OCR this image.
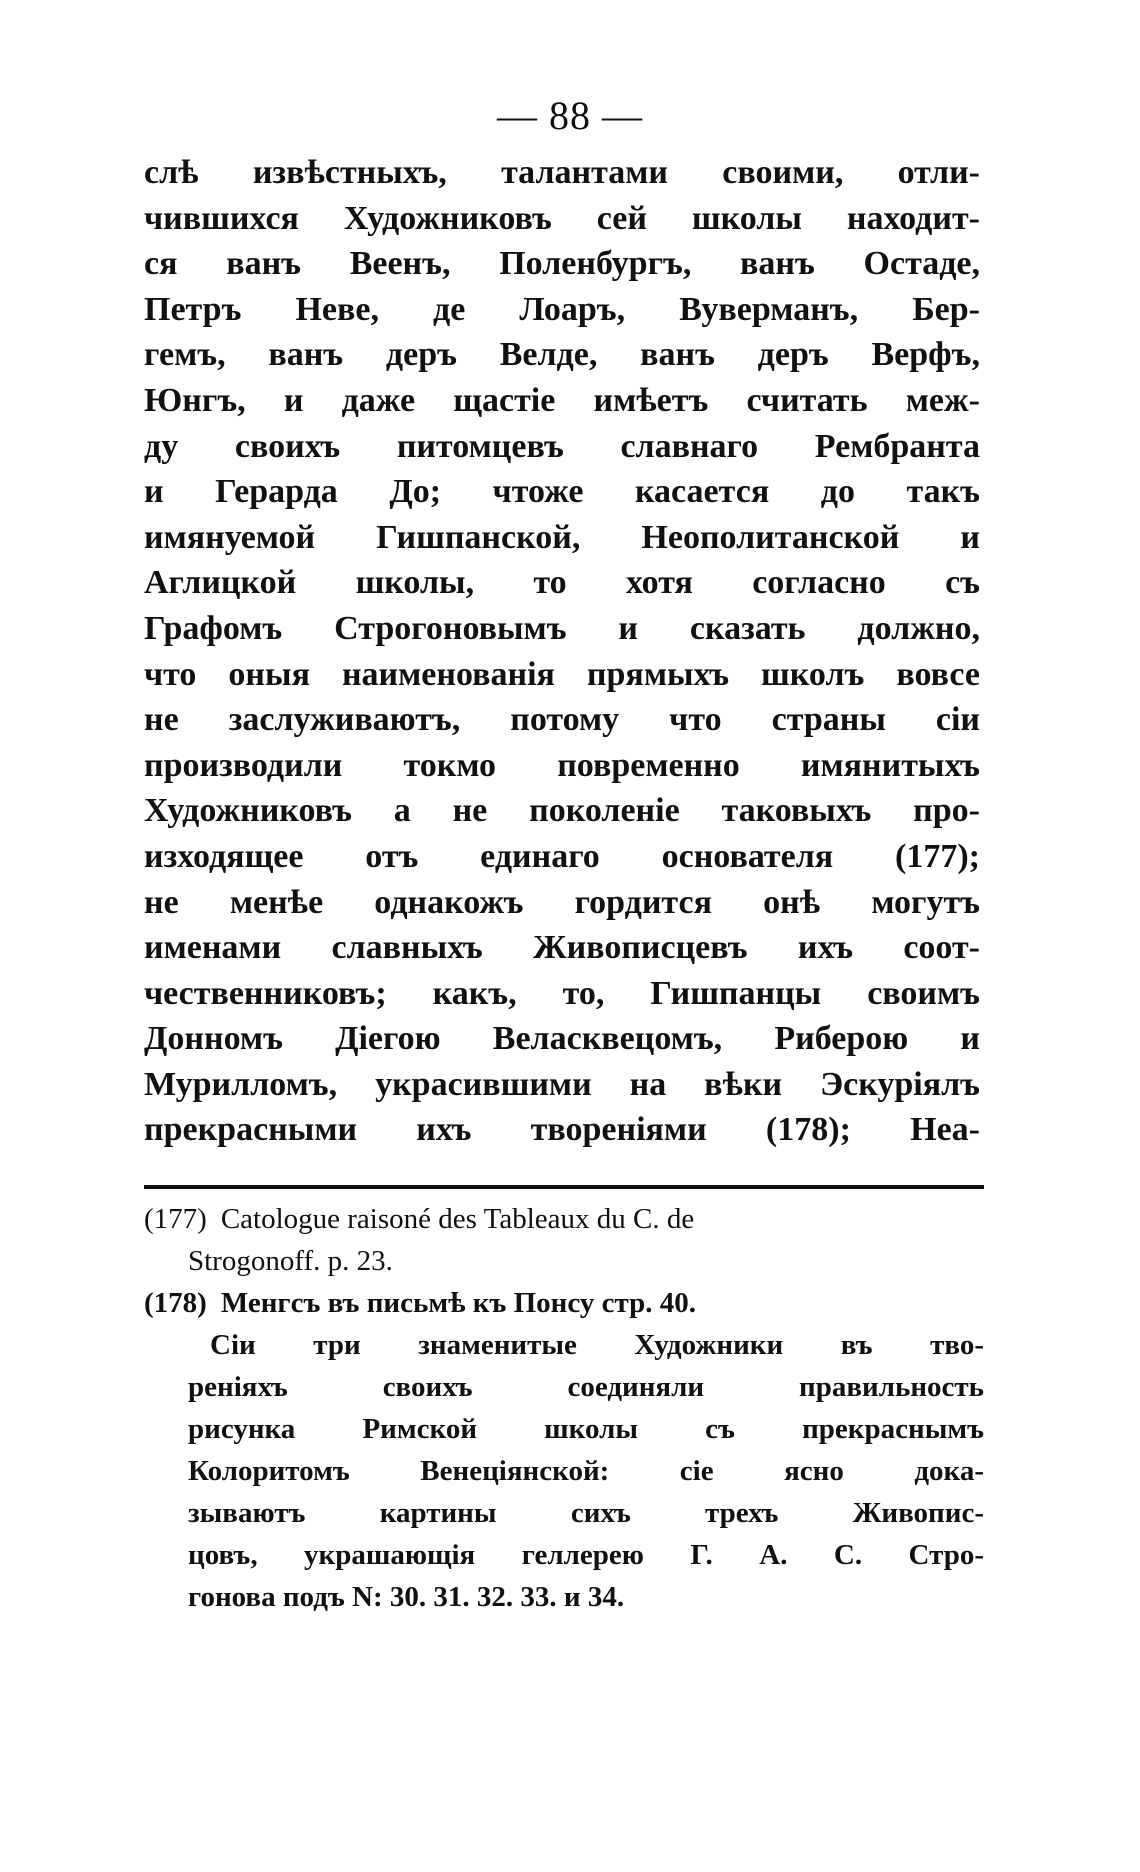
— 88 —
слѣ извѣстныхъ, талантами своими, отли-
чившихся Художниковъ сей школы находит-
ся ванъ Веенъ, Поленбургъ, ванъ Остаде,
Петръ Неве, де Лоаръ, Вуверманъ, Бер-
гемъ, ванъ деръ Велде, ванъ деръ Верфъ,
Юнгъ, и даже щастіе имѣетъ считать меж-
ду своихъ питомцевъ славнаго Рембранта
и Герарда До; чтоже касается до такъ
имянуемой Гишпанской, Неополитанской и
Аглицкой школы, то хотя согласно съ
Графомъ Строгоновымъ и сказать должно,
что оныя наименованія прямыхъ школъ вовсе
не заслуживаютъ, потому что страны сіи
производили токмо повременно имянитыхъ
Художниковъ а не поколеніе таковыхъ про-
изходящее отъ единаго основателя (177);
не менѣе однакожъ гордится онѣ могутъ
именами славныхъ Живописцевъ ихъ соот-
чественниковъ; какъ, то, Гишпанцы своимъ
Донномъ Діегою Веласквецомъ, Риберою и
Мурилломъ, украсившими на вѣки Эскуріялъ
прекрасными ихъ твореніями (178); Неа-
(177) Catologue raisoné des Tableaux du C. de
Strogonoff. p. 23.
(178) Менгсъ въ письмѣ къ Понсу стр. 40.
Сіи три знаменитые Художники въ тво-
реніяхъ своихъ соединяли правильность
рисунка Римской школы съ прекраснымъ
Колоритомъ Венеціянской: сіе ясно дока-
зываютъ картины сихъ трехъ Живопис-
цовъ, украшающія геллерею Г. А. С. Стро-
гонова подъ N: 30. 31. 32. 33. и 34.
